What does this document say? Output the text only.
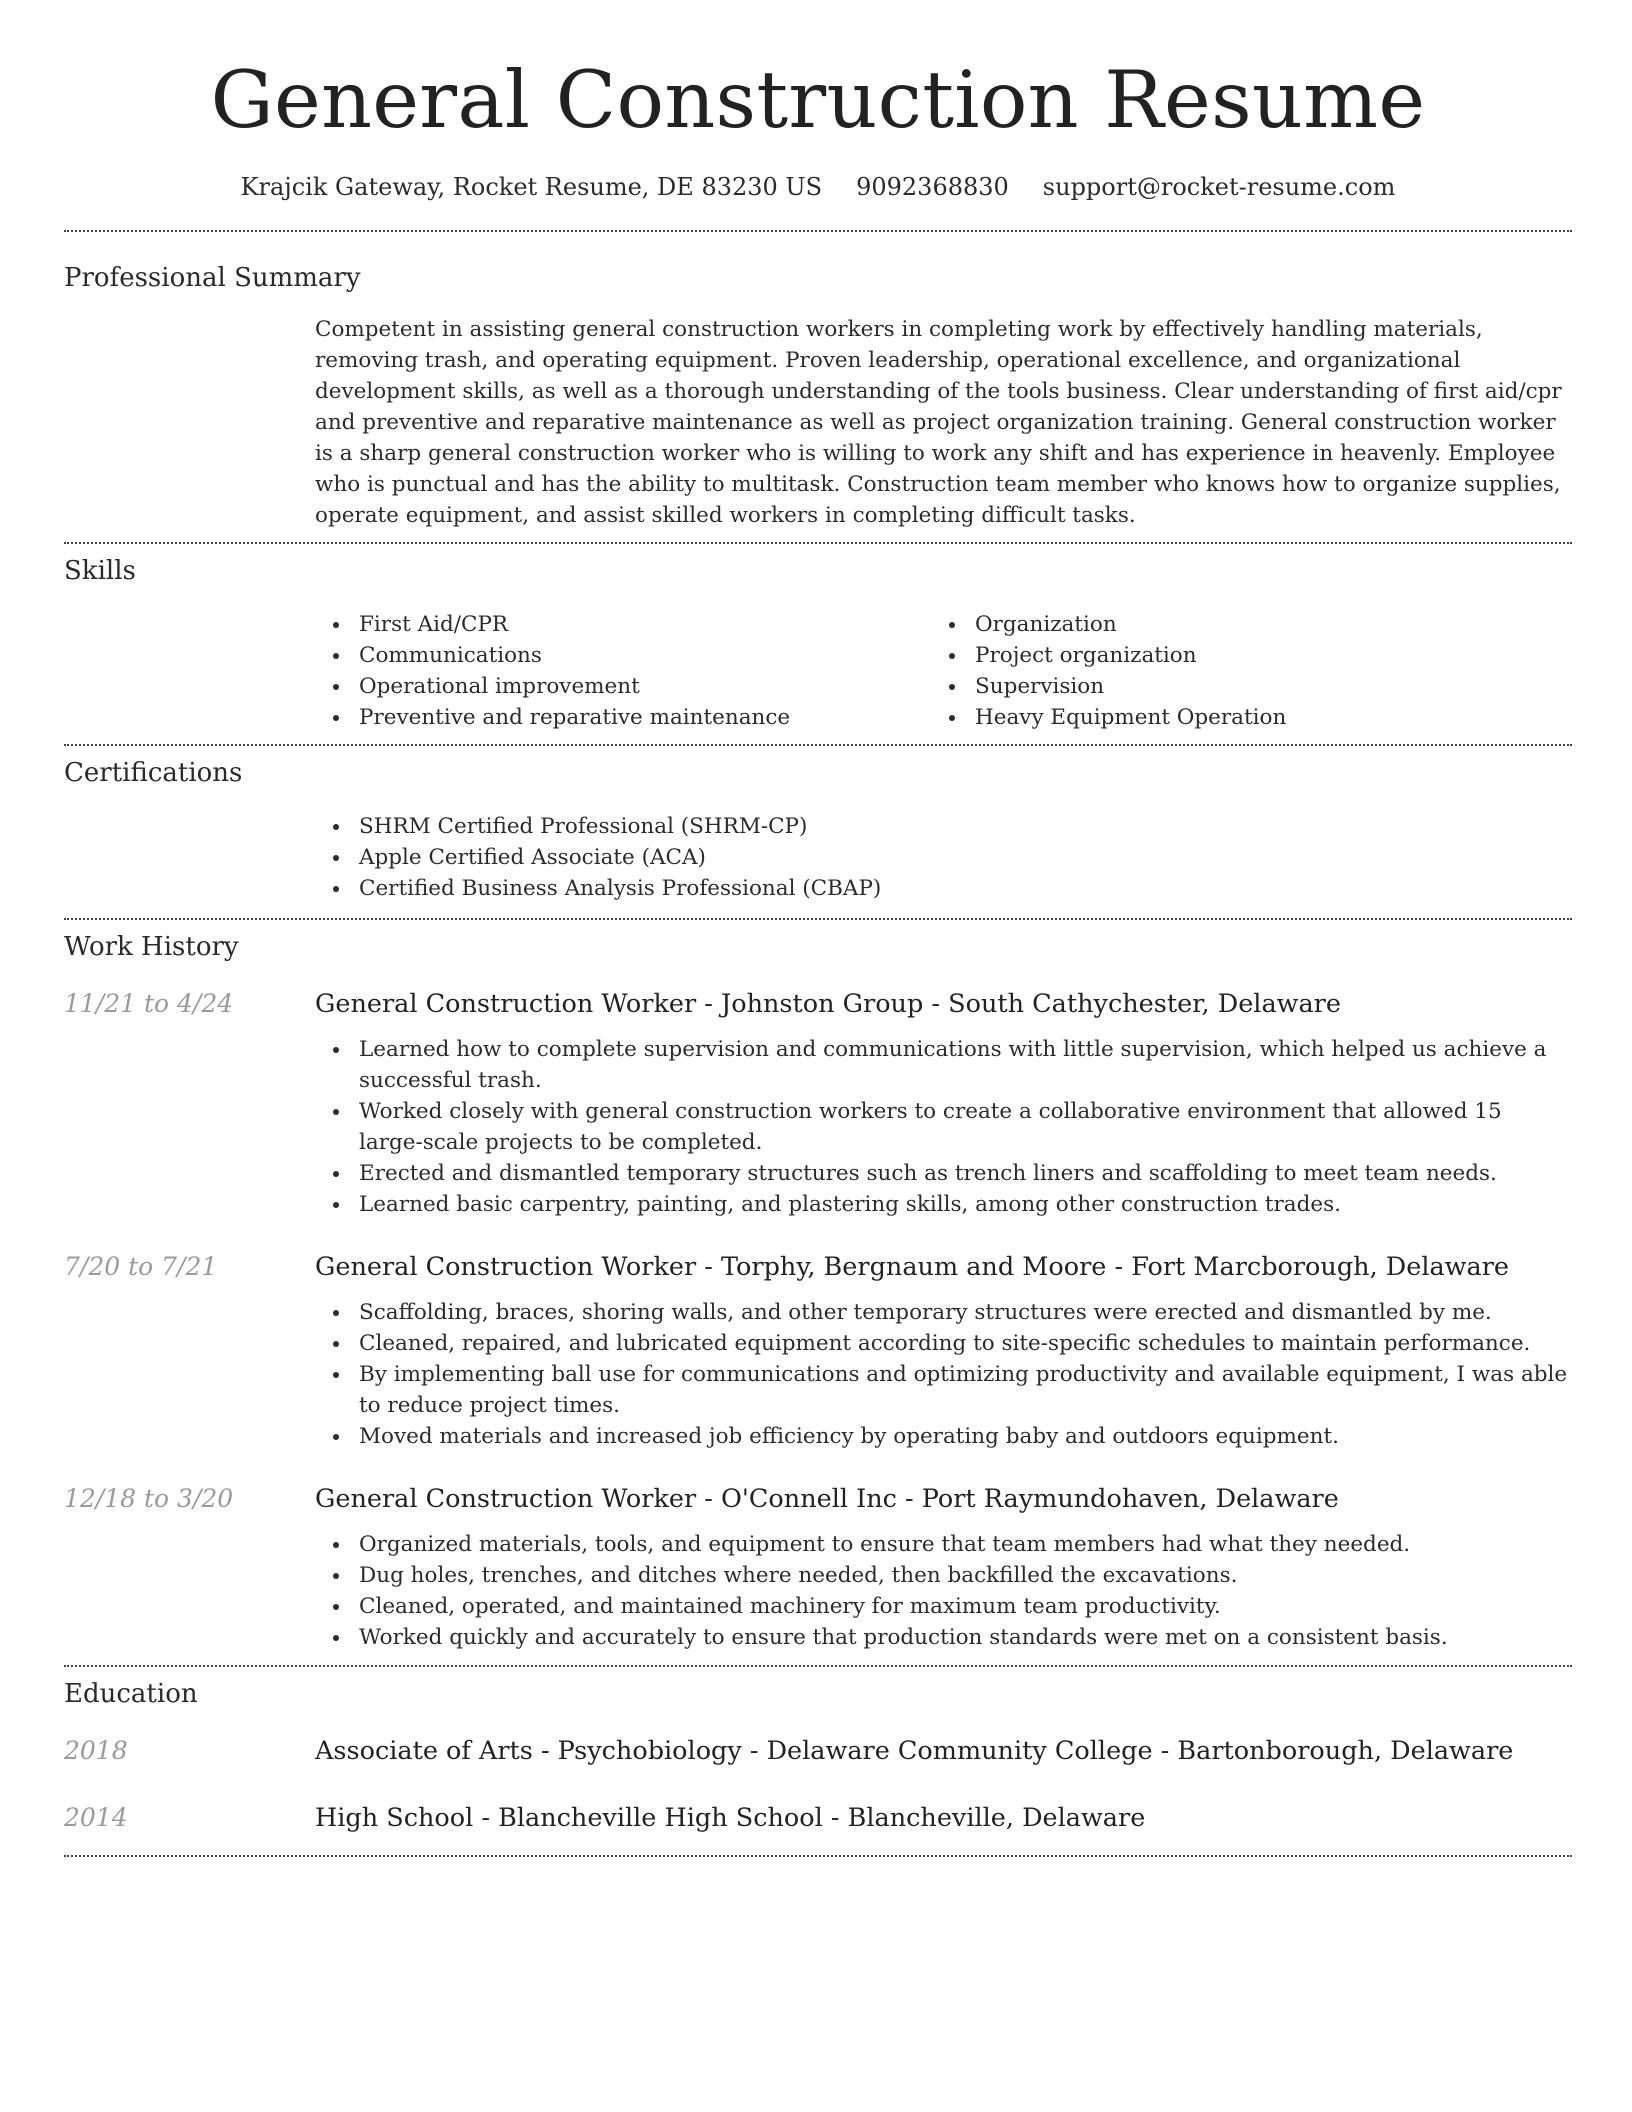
General Construction Resume
Krajcik Gateway, Rocket Resume, DE 83230 US 9092368830 support@rocket-resume.com
Professional Summary

Competent in assisting general construction workers in completing work by effectively handling materials, removing trash, and operating equipment. Proven leadership, operational excellence, and organizational development skills, as well as a thorough understanding of the tools business. Clear understanding of first aid/cpr and preventive and reparative maintenance as well as project organization training. General construction worker is a sharp general construction worker who is willing to work any shift and has experience in heavenly. Employee who is punctual and has the ability to multitask. Construction team member who knows how to organize supplies, operate equipment, and assist skilled workers in completing difficult tasks.

Skills
First Aid/CPR
Communications
Operational improvement
Preventive and reparative maintenance
Organization
Project organization
Supervision
Heavy Equipment Operation
Certifications
SHRM Certified Professional (SHRM-CP)
Apple Certified Associate (ACA)
Certified Business Analysis Professional (CBAP)
Work History
11/21 to 4/24	General Construction Worker - Johnston Group - South Cathychester, Delaware
Learned how to complete supervision and communications with little supervision, which helped us achieve a successful trash.
Worked closely with general construction workers to create a collaborative environment that allowed 15 large-scale projects to be completed.
Erected and dismantled temporary structures such as trench liners and scaffolding to meet team needs.
Learned basic carpentry, painting, and plastering skills, among other construction trades.
7/20 to 7/21	General Construction Worker - Torphy, Bergnaum and Moore - Fort Marcborough, Delaware
Scaffolding, braces, shoring walls, and other temporary structures were erected and dismantled by me.
Cleaned, repaired, and lubricated equipment according to site-specific schedules to maintain performance.
By implementing ball use for communications and optimizing productivity and available equipment, I was able to reduce project times.
Moved materials and increased job efficiency by operating baby and outdoors equipment.
12/18 to 3/20	General Construction Worker - O'Connell Inc - Port Raymundohaven, Delaware
Organized materials, tools, and equipment to ensure that team members had what they needed.
Dug holes, trenches, and ditches where needed, then backfilled the excavations.
Cleaned, operated, and maintained machinery for maximum team productivity.
Worked quickly and accurately to ensure that production standards were met on a consistent basis.
Education
2018	Associate of Arts - Psychobiology - Delaware Community College - Bartonborough, Delaware
2014	High School - Blancheville High School - Blancheville, Delaware
